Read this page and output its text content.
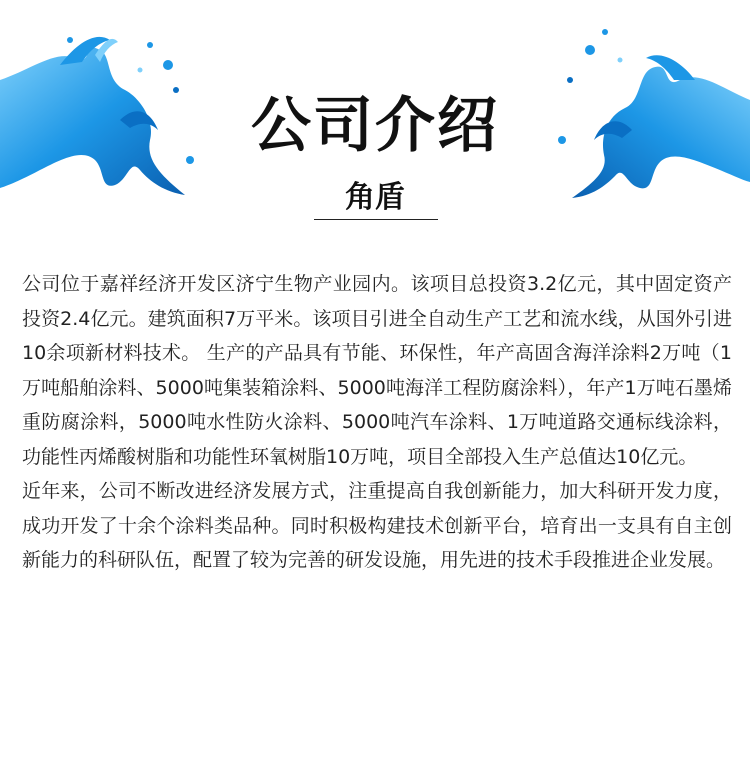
公司介绍
角盾

公司位于嘉祥经济开发区济宁生物产业园内。该项目总投资3.2亿元，其中固定资产投资2.4亿元。建筑面积7万平米。该项目引进全自动生产工艺和流水线，从国外引进10余项新材料技术。 生产的产品具有节能、环保性，年产高固含海洋涂料2万吨（1万吨船舶涂料、5000吨集装箱涂料、5000吨海洋工程防腐涂料），年产1万吨石墨烯重防腐涂料，5000吨水性防火涂料、5000吨汽车涂料、1万吨道路交通标线涂料，功能性丙烯酸树脂和功能性环氧树脂10万吨，项目全部投入生产总值达10亿元。

近年来，公司不断改进经济发展方式，注重提高自我创新能力，加大科研开发力度，成功开发了十余个涂料类品种。同时积极构建技术创新平台，培育出一支具有自主创新能力的科研队伍，配置了较为完善的研发设施，用先进的技术手段推进企业发展。
